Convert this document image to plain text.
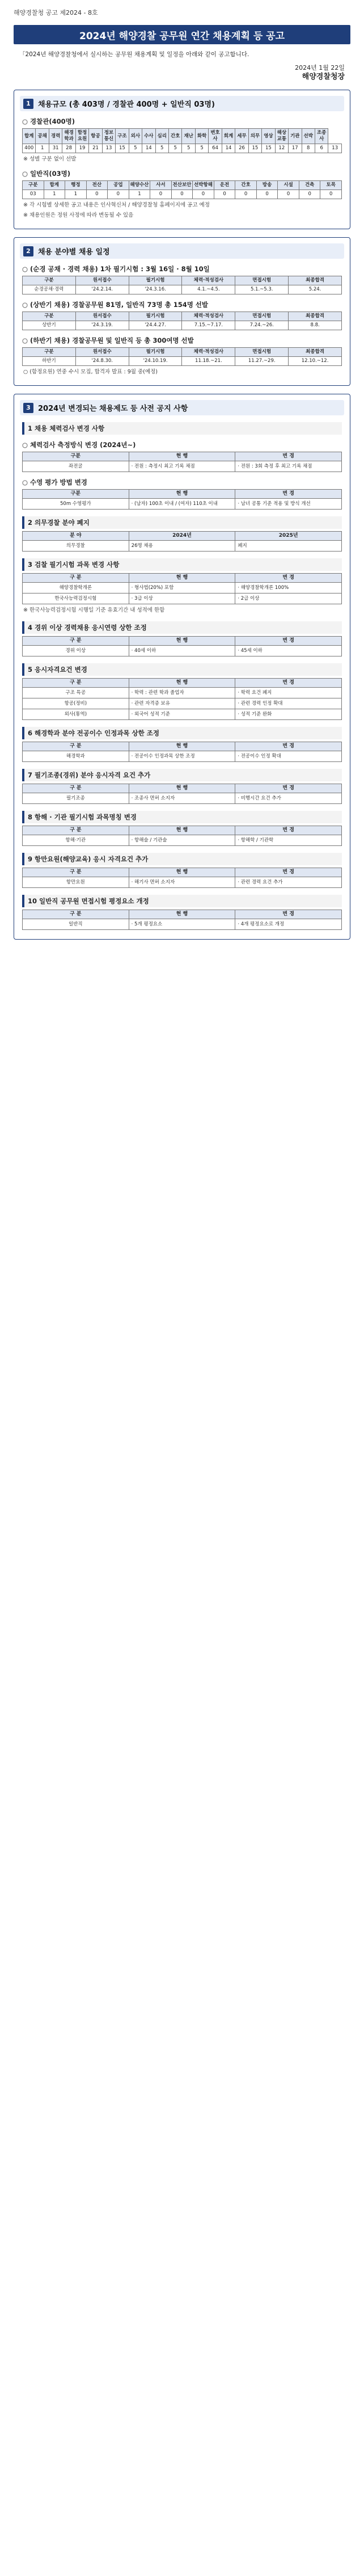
해양경찰청 공고 제2024 - 8호
2024년 해양경찰 공무원 연간 채용계획 등 공고
「2024년 해양경찰청에서 실시하는 공무원 채용계획 및 일정을 아래와 같이 공고합니다.
2024년 1월 22일
해양경찰청장
1	채용규모 (총 403명 / 경찰관 400명 + 일반직 03명)
○ 경찰관(400명)
합계	공채	경력	해경학과	함정요원	항공	정보통신	구조	외사	수사	심리	간호	재난	화학	변호사	회계	세무	의무	영상	해상교통	기관	선박	조종사	
400	1	31	28	19	21	13	15	5	14	5	5	5	5	64	14	26	15	15	12	17	8	6	13
※ 성별 구분 없이 선발
○ 일반직(03명)
구분	합계	행정	전산	공업	해양수산	사서	전산보안	선박항해	운전	간호	방송	시설	건축	토목
03	1	1	0	0	1	0	0	0	0	0	0	0	0	0
※ 각 시험별 상세한 공고 내용은 인사혁신처 / 해양경찰청 홈페이지에 공고 예정
※ 채용인원은 정원 사정에 따라 변동될 수 있음
2	채용 분야별 채용 일정
○ (순경 공채 · 경력 채용) 1차 필기시험 : 3월 16일 · 8월 10일
구분	원서접수	필기시험	체력·적성검사	면접시험	최종합격
순경공채·경력	'24.2.14.	'24.3.16.	4.1.~4.5.	5.1.~5.3.	5.24.
○ (상반기 채용) 경찰공무원 81명, 일반직 73명 총 154명 선발
구분	원서접수	필기시험	체력·적성검사	면접시험	최종합격
상반기	'24.3.19.	'24.4.27.	7.15.~7.17.	7.24.~26.	8.8.
○ (하반기 채용) 경찰공무원 및 일반직 등 총 300여명 선발
구분	원서접수	필기시험	체력·적성검사	면접시험	최종합격
하반기	'24.8.30.	'24.10.19.	11.18.~21.	11.27.~29.	12.10.~12.
○ (함정요원) 연중 수시 모집, 합격자 발표 : 9월 중(예정)
3	2024년 변경되는 채용제도 등 사전 공지 사항
1 채용 체력검사 변경 사항
○ 체력검사 측정방식 변경 (2024년~)
구분	현 행	변 경
좌전굴	· 전원 : 측정시 최고 기록 채점	· 전원 : 3회 측정 후 최고 기록 채점
○ 수영 평가 방법 변경
구분	현 행	변 경
50m 수영평가	· (남자) 100초 이내 / (여자) 110초 이내	· 남녀 공통 기준 적용 및 방식 개선
2 의무경찰 분야 폐지
분 야	2024년	2025년
의무경찰	26명 채용	폐지
3 검찰 필기시험 과목 변경 사항
구 분	현 행	변 경
해양경찰학개론	· 형사법(20%) 포함	· 해양경찰학개론 100%
한국사능력검정시험	· 3급 이상	· 2급 이상
※ 한국사능력검정시험 시행일 기준 유효기간 내 성적에 한함
4 경위 이상 경력채용 응시연령 상한 조정
구 분	현 행	변 경
경위 이상	· 40세 이하	· 45세 이하
5 응시자격요건 변경
구 분	현 행	변 경
구조 특공	· 학력 : 관련 학과 졸업자	· 학력 요건 폐지
항공(정비)	· 관련 자격증 보유	· 관련 경력 인정 확대
외사(통역)	· 외국어 성적 기준	· 성적 기준 완화
6 해경학과 분야 전공이수 인정과목 상한 조정
구 분	현 행	변 경
해경학과	· 전공이수 인정과목 상한 조정	· 전공이수 인정 확대
7 필기조종(경위) 분야 응시자격 요건 추가
구 분	현 행	변 경
필기조종	· 조종사 면허 소지자	· 비행시간 요건 추가
8 항해 · 기관 필기시험 과목명칭 변경
구 분	현 행	변 경
항해·기관	· 항해술 / 기관술	· 항해학 / 기관학
9 항만요원(해양교육) 응시 자격요건 추가
구 분	현 행	변 경
항만요원	· 해기사 면허 소지자	· 관련 경력 요건 추가
10 일반직 공무원 면접시험 평정요소 개정
구 분	현 행	변 경
일반직	· 5개 평정요소	· 4개 평정요소로 개정
